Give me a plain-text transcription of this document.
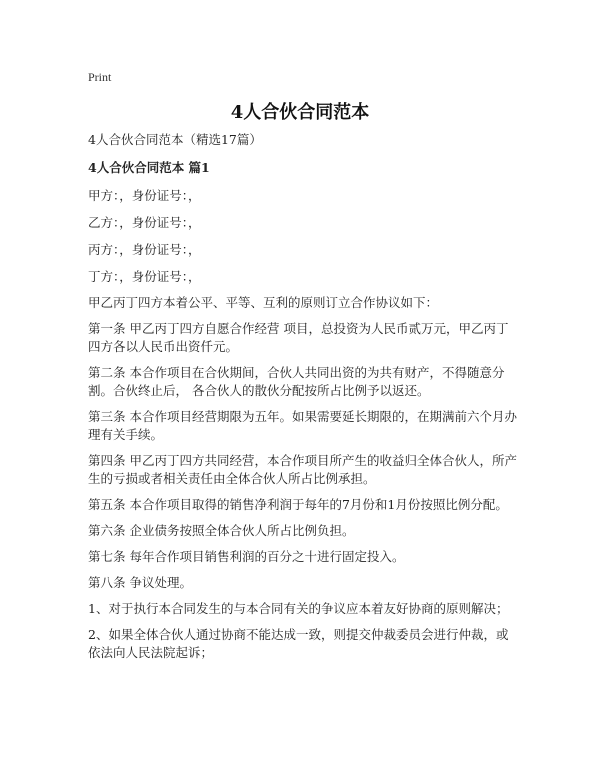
Print
4人合伙合同范本
4人合伙合同范本（精选17篇）
4人合伙合同范本 篇1
甲方：，身份证号：，
乙方：，身份证号：，
丙方：，身份证号：，
丁方：，身份证号：，
甲乙丙丁四方本着公平、平等、互利的原则订立合作协议如下：
第一条 甲乙丙丁四方自愿合作经营 项目，总投资为人民币贰万元，甲乙丙丁四方各以人民币出资仟元。
第二条 本合作项目在合伙期间，合伙人共同出资的为共有财产，不得随意分割。合伙终止后， 各合伙人的散伙分配按所占比例予以返还。
第三条 本合作项目经营期限为五年。如果需要延长期限的，在期满前六个月办理有关手续。
第四条 甲乙丙丁四方共同经营，本合作项目所产生的收益归全体合伙人，所产生的亏损或者相关责任由全体合伙人所占比例承担。
第五条 本合作项目取得的销售净利润于每年的7月份和1月份按照比例分配。
第六条 企业债务按照全体合伙人所占比例负担。
第七条 每年合作项目销售利润的百分之十进行固定投入。
第八条 争议处理。
1、对于执行本合同发生的与本合同有关的争议应本着友好协商的原则解决；
2、如果全体合伙人通过协商不能达成一致，则提交仲裁委员会进行仲裁，或依法向人民法院起诉；
